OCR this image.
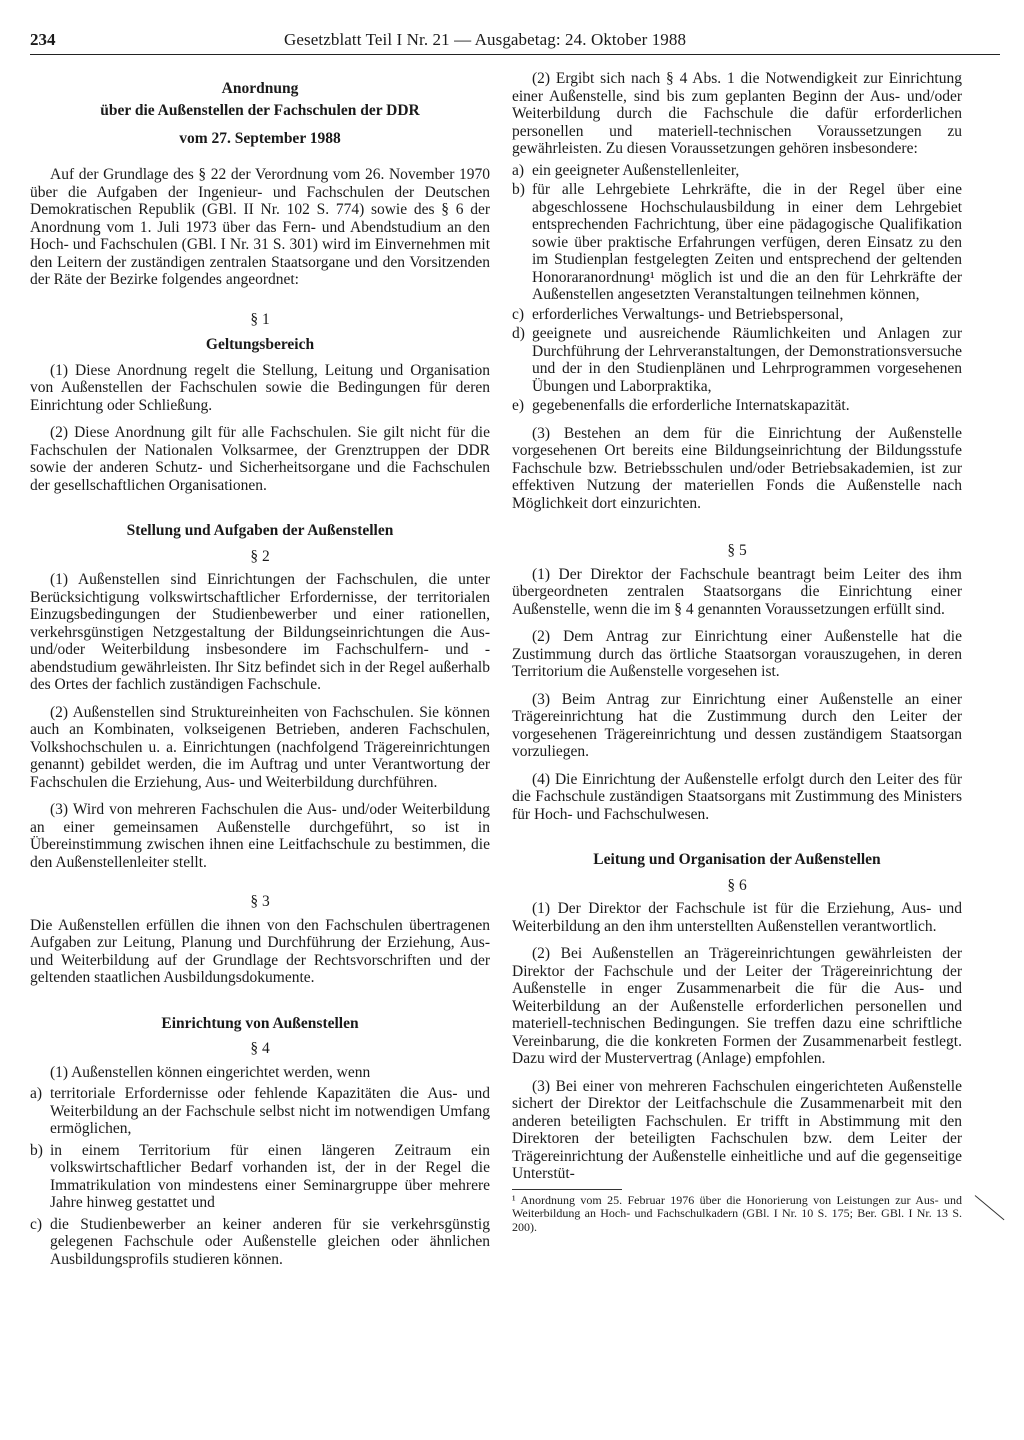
234	Gesetzblatt Teil I Nr. 21 — Ausgabetag: 24. Oktober 1988
Anordnung
über die Außenstellen der Fachschulen der DDR
vom 27. September 1988

Auf der Grundlage des § 22 der Verordnung vom 26. November 1970 über die Aufgaben der Ingenieur- und Fachschulen der Deutschen Demokratischen Republik (GBl. II Nr. 102 S. 774) sowie des § 6 der Anordnung vom 1. Juli 1973 über das Fern- und Abendstudium an den Hoch- und Fachschulen (GBl. I Nr. 31 S. 301) wird im Einvernehmen mit den Leitern der zuständigen zentralen Staatsorgane und den Vorsitzenden der Räte der Bezirke folgendes angeordnet:

§ 1
Geltungsbereich

(1) Diese Anordnung regelt die Stellung, Leitung und Organisation von Außenstellen der Fachschulen sowie die Bedingungen für deren Einrichtung oder Schließung.

(2) Diese Anordnung gilt für alle Fachschulen. Sie gilt nicht für die Fachschulen der Nationalen Volksarmee, der Grenztruppen der DDR sowie der anderen Schutz- und Sicherheitsorgane und die Fachschulen der gesellschaftlichen Organisationen.

Stellung und Aufgaben der Außenstellen
§ 2

(1) Außenstellen sind Einrichtungen der Fachschulen, die unter Berücksichtigung volkswirtschaftlicher Erfordernisse, der territorialen Einzugsbedingungen der Studienbewerber und einer rationellen, verkehrsgünstigen Netzgestaltung der Bildungseinrichtungen die Aus- und/oder Weiterbildung insbesondere im Fachschulfern- und -abendstudium gewährleisten. Ihr Sitz befindet sich in der Regel außerhalb des Ortes der fachlich zuständigen Fachschule.

(2) Außenstellen sind Struktureinheiten von Fachschulen. Sie können auch an Kombinaten, volkseigenen Betrieben, anderen Fachschulen, Volkshochschulen u. a. Einrichtungen (nachfolgend Trägereinrichtungen genannt) gebildet werden, die im Auftrag und unter Verantwortung der Fachschulen die Erziehung, Aus- und Weiterbildung durchführen.

(3) Wird von mehreren Fachschulen die Aus- und/oder Weiterbildung an einer gemeinsamen Außenstelle durchgeführt, so ist in Übereinstimmung zwischen ihnen eine Leitfachschule zu bestimmen, die den Außenstellenleiter stellt.

§ 3

Die Außenstellen erfüllen die ihnen von den Fachschulen übertragenen Aufgaben zur Leitung, Planung und Durchführung der Erziehung, Aus- und Weiterbildung auf der Grundlage der Rechtsvorschriften und der geltenden staatlichen Ausbildungsdokumente.

Einrichtung von Außenstellen
§ 4

(1) Außenstellen können eingerichtet werden, wenn

a) territoriale Erfordernisse oder fehlende Kapazitäten die Aus- und Weiterbildung an der Fachschule selbst nicht im notwendigen Umfang ermöglichen,
b) in einem Territorium für einen längeren Zeitraum ein volkswirtschaftlicher Bedarf vorhanden ist, der in der Regel die Immatrikulation von mindestens einer Seminargruppe über mehrere Jahre hinweg gestattet und
c) die Studienbewerber an keiner anderen für sie verkehrsgünstig gelegenen Fachschule oder Außenstelle gleichen oder ähnlichen Ausbildungsprofils studieren können.

(2) Ergibt sich nach § 4 Abs. 1 die Notwendigkeit zur Einrichtung einer Außenstelle, sind bis zum geplanten Beginn der Aus- und/oder Weiterbildung durch die Fachschule die dafür erforderlichen personellen und materiell-technischen Voraussetzungen zu gewährleisten. Zu diesen Voraussetzungen gehören insbesondere:

a) ein geeigneter Außenstellenleiter,
b) für alle Lehrgebiete Lehrkräfte, die in der Regel über eine abgeschlossene Hochschulausbildung in einer dem Lehrgebiet entsprechenden Fachrichtung, über eine pädagogische Qualifikation sowie über praktische Erfahrungen verfügen, deren Einsatz zu den im Studienplan festgelegten Zeiten und entsprechend der geltenden Honoraranordnung¹ möglich ist und die an den für Lehrkräfte der Außenstellen angesetzten Veranstaltungen teilnehmen können,
c) erforderliches Verwaltungs- und Betriebspersonal,
d) geeignete und ausreichende Räumlichkeiten und Anlagen zur Durchführung der Lehrveranstaltungen, der Demonstrationsversuche und der in den Studienplänen und Lehrprogrammen vorgesehenen Übungen und Laborpraktika,
e) gegebenenfalls die erforderliche Internatskapazität.

(3) Bestehen an dem für die Einrichtung der Außenstelle vorgesehenen Ort bereits eine Bildungseinrichtung der Bildungsstufe Fachschule bzw. Betriebsschulen und/oder Betriebsakademien, ist zur effektiven Nutzung der materiellen Fonds die Außenstelle nach Möglichkeit dort einzurichten.

§ 5

(1) Der Direktor der Fachschule beantragt beim Leiter des ihm übergeordneten zentralen Staatsorgans die Einrichtung einer Außenstelle, wenn die im § 4 genannten Voraussetzungen erfüllt sind.

(2) Dem Antrag zur Einrichtung einer Außenstelle hat die Zustimmung durch das örtliche Staatsorgan vorauszugehen, in deren Territorium die Außenstelle vorgesehen ist.

(3) Beim Antrag zur Einrichtung einer Außenstelle an einer Trägereinrichtung hat die Zustimmung durch den Leiter der vorgesehenen Trägereinrichtung und dessen zuständigem Staatsorgan vorzuliegen.

(4) Die Einrichtung der Außenstelle erfolgt durch den Leiter des für die Fachschule zuständigen Staatsorgans mit Zustimmung des Ministers für Hoch- und Fachschulwesen.

Leitung und Organisation der Außenstellen
§ 6

(1) Der Direktor der Fachschule ist für die Erziehung, Aus- und Weiterbildung an den ihm unterstellten Außenstellen verantwortlich.

(2) Bei Außenstellen an Trägereinrichtungen gewährleisten der Direktor der Fachschule und der Leiter der Trägereinrichtung der Außenstelle in enger Zusammenarbeit die für die Aus- und Weiterbildung an der Außenstelle erforderlichen personellen und materiell-technischen Bedingungen. Sie treffen dazu eine schriftliche Vereinbarung, die die konkreten Formen der Zusammenarbeit festlegt. Dazu wird der Mustervertrag (Anlage) empfohlen.

(3) Bei einer von mehreren Fachschulen eingerichteten Außenstelle sichert der Direktor der Leitfachschule die Zusammenarbeit mit den anderen beteiligten Fachschulen. Er trifft in Abstimmung mit den Direktoren der beteiligten Fachschulen bzw. dem Leiter der Trägereinrichtung der Außenstelle einheitliche und auf die gegenseitige Unterstüt-

¹ Anordnung vom 25. Februar 1976 über die Honorierung von Leistungen zur Aus- und Weiterbildung an Hoch- und Fachschulkadern (GBl. I Nr. 10 S. 175; Ber. GBl. I Nr. 13 S. 200).
